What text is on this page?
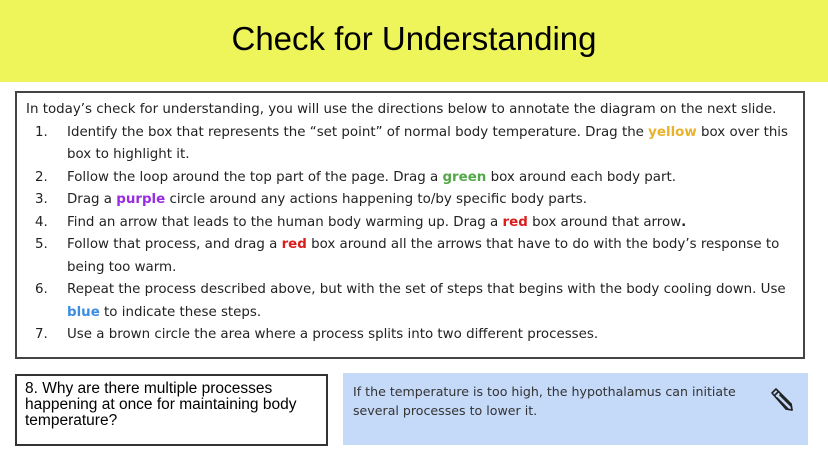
Check for Understanding

In today’s check for understanding, you will use the directions below to annotate the diagram on the next slide.

1. Identify the box that represents the “set point” of normal body temperature. Drag the yellow box over this box to highlight it.
2. Follow the loop around the top part of the page. Drag a green box around each body part.
3. Drag a purple circle around any actions happening to/by specific body parts.
4. Find an arrow that leads to the human body warming up. Drag a red box around that arrow.
5. Follow that process, and drag a red box around all the arrows that have to do with the body’s response to being too warm.
6. Repeat the process described above, but with the set of steps that begins with the body cooling down. Use blue to indicate these steps.
7. Use a brown circle the area where a process splits into two different processes.
8. Why are there multiple processes happening at once for maintaining body temperature?
If the temperature is too high, the hypothalamus can initiate several processes to lower it.
